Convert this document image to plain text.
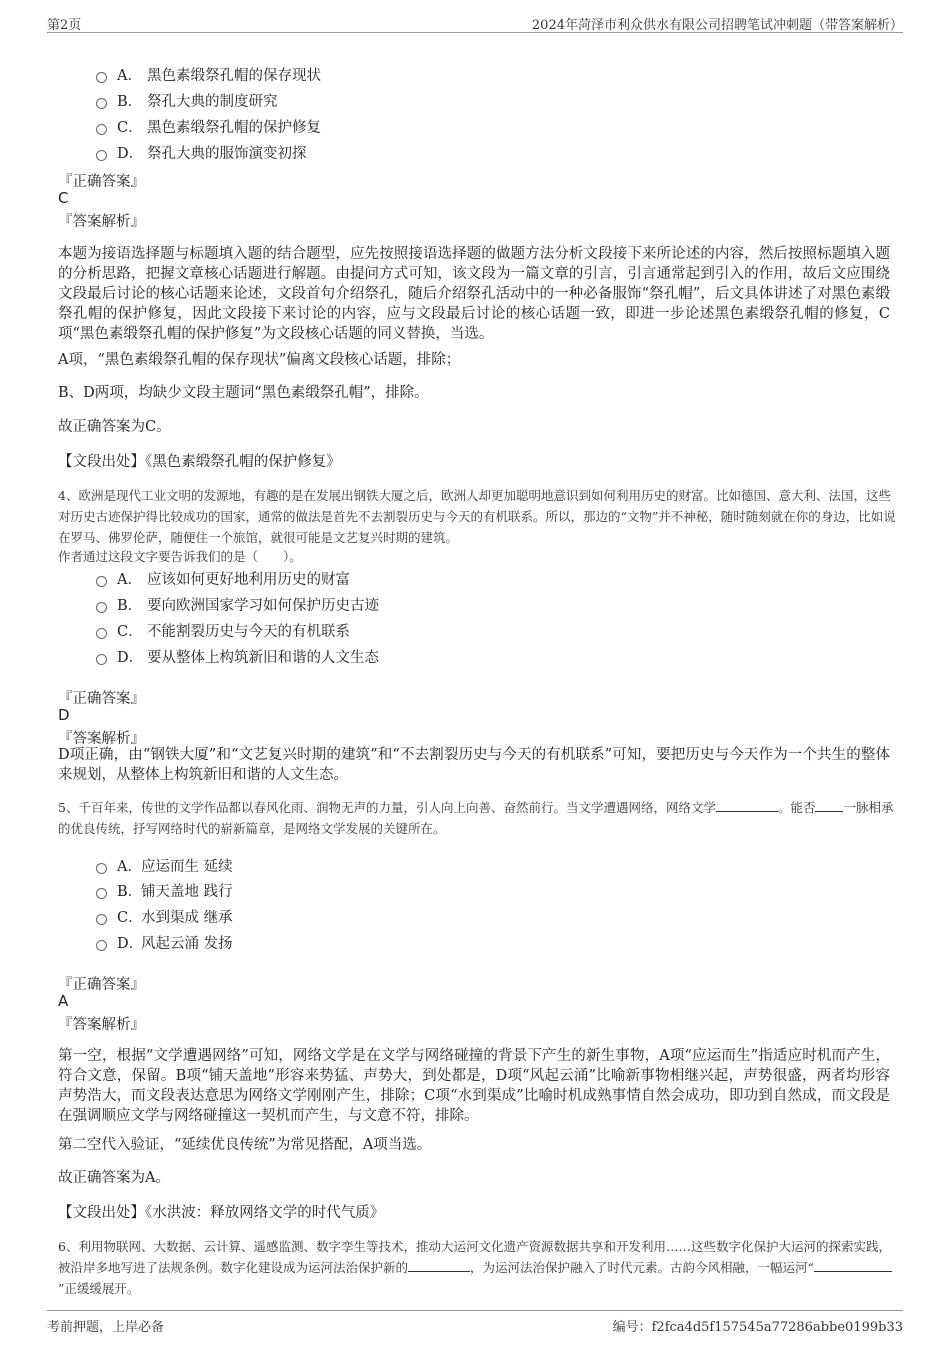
第2页	2024年菏泽市利众供水有限公司招聘笔试冲刺题（带答案解析）
A． 黑色素缎祭孔帽的保存现状
B． 祭孔大典的制度研究
C． 黑色素缎祭孔帽的保护修复
D． 祭孔大典的服饰演变初探
『正确答案』
C
『答案解析』
本题为接语选择题与标题填入题的结合题型，应先按照接语选择题的做题方法分析文段接下来所论述的内容，然后按照标题填入题的分析思路，把握文章核心话题进行解题。由提问方式可知，该文段为一篇文章的引言，引言通常起到引入的作用，故后文应围绕文段最后讨论的核心话题来论述，文段首句介绍祭孔，随后介绍祭孔活动中的一种必备服饰“祭孔帽”，后文具体讲述了对黑色素缎祭孔帽的保护修复，因此文段接下来讨论的内容，应与文段最后讨论的核心话题一致，即进一步论述黑色素缎祭孔帽的修复，C项“黑色素缎祭孔帽的保护修复”为文段核心话题的同义替换，当选。
A项，“黑色素缎祭孔帽的保存现状”偏离文段核心话题，排除；
B、D两项，均缺少文段主题词“黑色素缎祭孔帽”，排除。
故正确答案为C。
【文段出处】《黑色素缎祭孔帽的保护修复》
4、欧洲是现代工业文明的发源地，有趣的是在发展出钢铁大厦之后，欧洲人却更加聪明地意识到如何利用历史的财富。比如德国、意大利、法国，这些对历史古迹保护得比较成功的国家，通常的做法是首先不去割裂历史与今天的有机联系。所以，那边的“文物”并不神秘，随时随刻就在你的身边，比如说在罗马、佛罗伦萨，随便住一个旅馆，就很可能是文艺复兴时期的建筑。
作者通过这段文字要告诉我们的是（　　）。
A． 应该如何更好地利用历史的财富
B． 要向欧洲国家学习如何保护历史古迹
C． 不能割裂历史与今天的有机联系
D． 要从整体上构筑新旧和谐的人文生态
『正确答案』
D
『答案解析』
D项正确，由“钢铁大厦”和“文艺复兴时期的建筑”和“不去割裂历史与今天的有机联系”可知，要把历史与今天作为一个共生的整体来规划，从整体上构筑新旧和谐的人文生态。
5、千百年来，传世的文学作品都以春风化雨、润物无声的力量，引人向上向善、奋然前行。当文学遭遇网络，网络文学	。能否 一脉相承的优良传统，抒写网络时代的崭新篇章，是网络文学发展的关键所在。
A． 应运而生 延续
B．
铺天盖地 践行
C．
水到渠成 继承
D．
风起云涌 发扬
『正确答案』
A
『答案解析』
第一空，根据“文学遭遇网络”可知，网络文学是在文学与网络碰撞的背景下产生的新生事物，A项“应运而生”指适应时机而产生，符合文意，保留。B项“铺天盖地”形容来势猛、声势大，到处都是，D项“风起云涌”比喻新事物相继兴起，声势很盛，两者均形容声势浩大，而文段表达意思为网络文学刚刚产生，排除；C项“水到渠成”比喻时机成熟事情自然会成功，即功到自然成，而文段是在强调顺应文学与网络碰撞这一契机而产生，与文意不符，排除。
第二空代入验证，“延续优良传统”为常见搭配，A项当选。
故正确答案为A。
【文段出处】《水洪波：释放网络文学的时代气质》
6、利用物联网、大数据、云计算、遥感监测、数字孪生等技术，推动大运河文化遗产资源数据共享和开发利用……这些数字化保护大运河的探索实践，被沿岸多地写进了法规条例。数字化建设成为运河法治保护新的	，为运河法治保护融入了时代元素。古韵今风相融，一幅运河“”正缓缓展开。
考前押题，上岸必备	编号：f2fca4d5f157545a77286abbe0199b33
